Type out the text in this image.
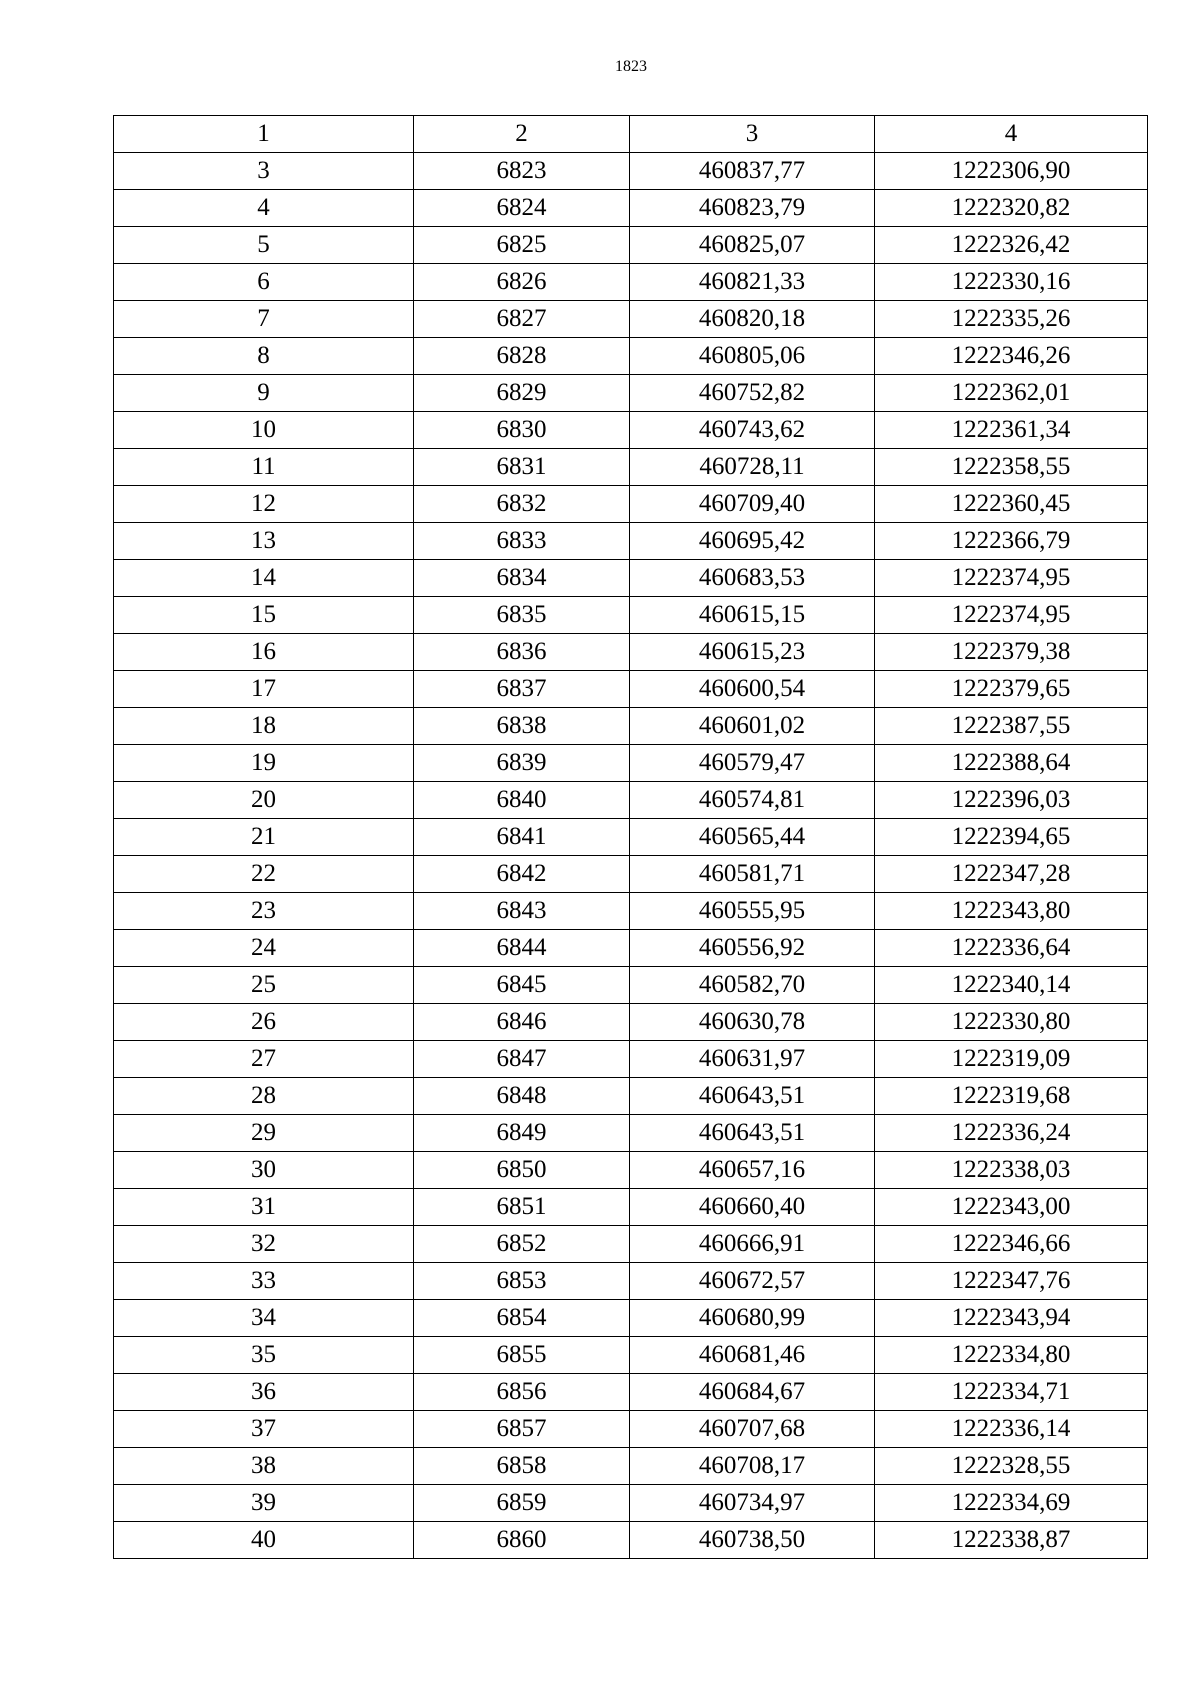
1823
1	2	3	4
3	6823	460837,77	1222306,90
4	6824	460823,79	1222320,82
5	6825	460825,07	1222326,42
6	6826	460821,33	1222330,16
7	6827	460820,18	1222335,26
8	6828	460805,06	1222346,26
9	6829	460752,82	1222362,01
10	6830	460743,62	1222361,34
11	6831	460728,11	1222358,55
12	6832	460709,40	1222360,45
13	6833	460695,42	1222366,79
14	6834	460683,53	1222374,95
15	6835	460615,15	1222374,95
16	6836	460615,23	1222379,38
17	6837	460600,54	1222379,65
18	6838	460601,02	1222387,55
19	6839	460579,47	1222388,64
20	6840	460574,81	1222396,03
21	6841	460565,44	1222394,65
22	6842	460581,71	1222347,28
23	6843	460555,95	1222343,80
24	6844	460556,92	1222336,64
25	6845	460582,70	1222340,14
26	6846	460630,78	1222330,80
27	6847	460631,97	1222319,09
28	6848	460643,51	1222319,68
29	6849	460643,51	1222336,24
30	6850	460657,16	1222338,03
31	6851	460660,40	1222343,00
32	6852	460666,91	1222346,66
33	6853	460672,57	1222347,76
34	6854	460680,99	1222343,94
35	6855	460681,46	1222334,80
36	6856	460684,67	1222334,71
37	6857	460707,68	1222336,14
38	6858	460708,17	1222328,55
39	6859	460734,97	1222334,69
40	6860	460738,50	1222338,87
